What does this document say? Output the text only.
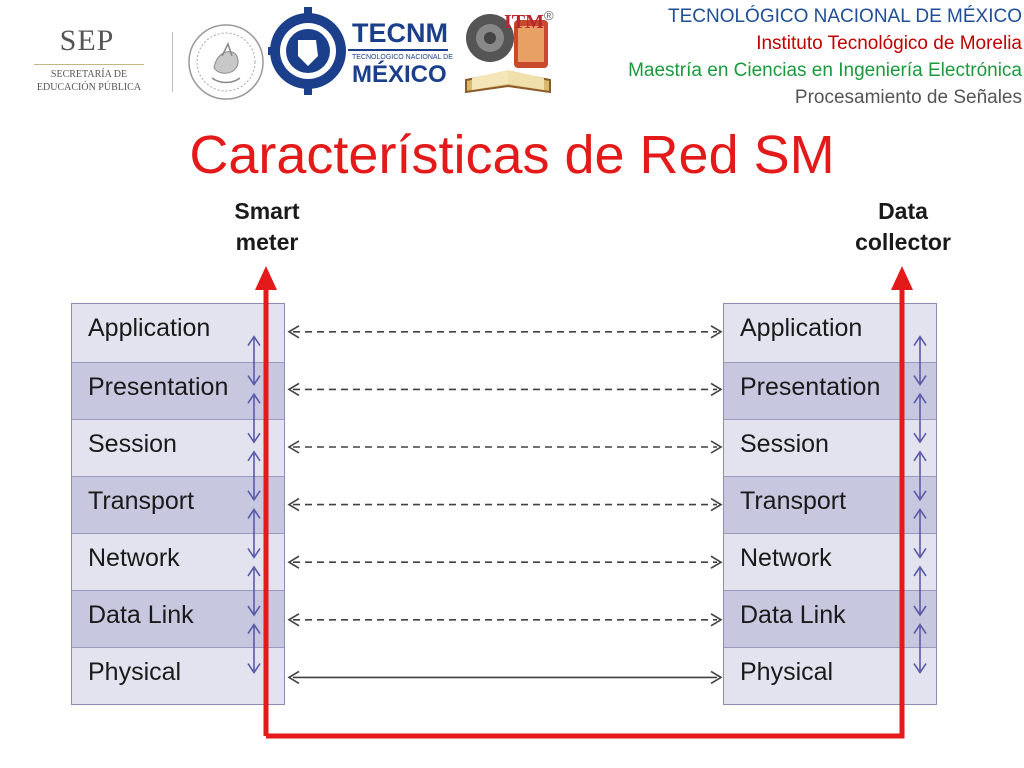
SEP
SECRETARÍA DE
EDUCACIÓN PÚBLICA
TECNM
TECNOLOGICO NACIONAL DE
MÉXICO
ITM ®	TECNOLÓGICO NACIONAL DE MÉXICO
Instituto Tecnológico de Morelia
Maestría en Ciencias en Ingeniería Electrónica
Procesamiento de Señales
Características de Red SM
Smart
meter
Data
collector
Application
Presentation
Session
Transport
Network
Data Link
Physical
Application
Presentation
Session
Transport
Network
Data Link
Physical
